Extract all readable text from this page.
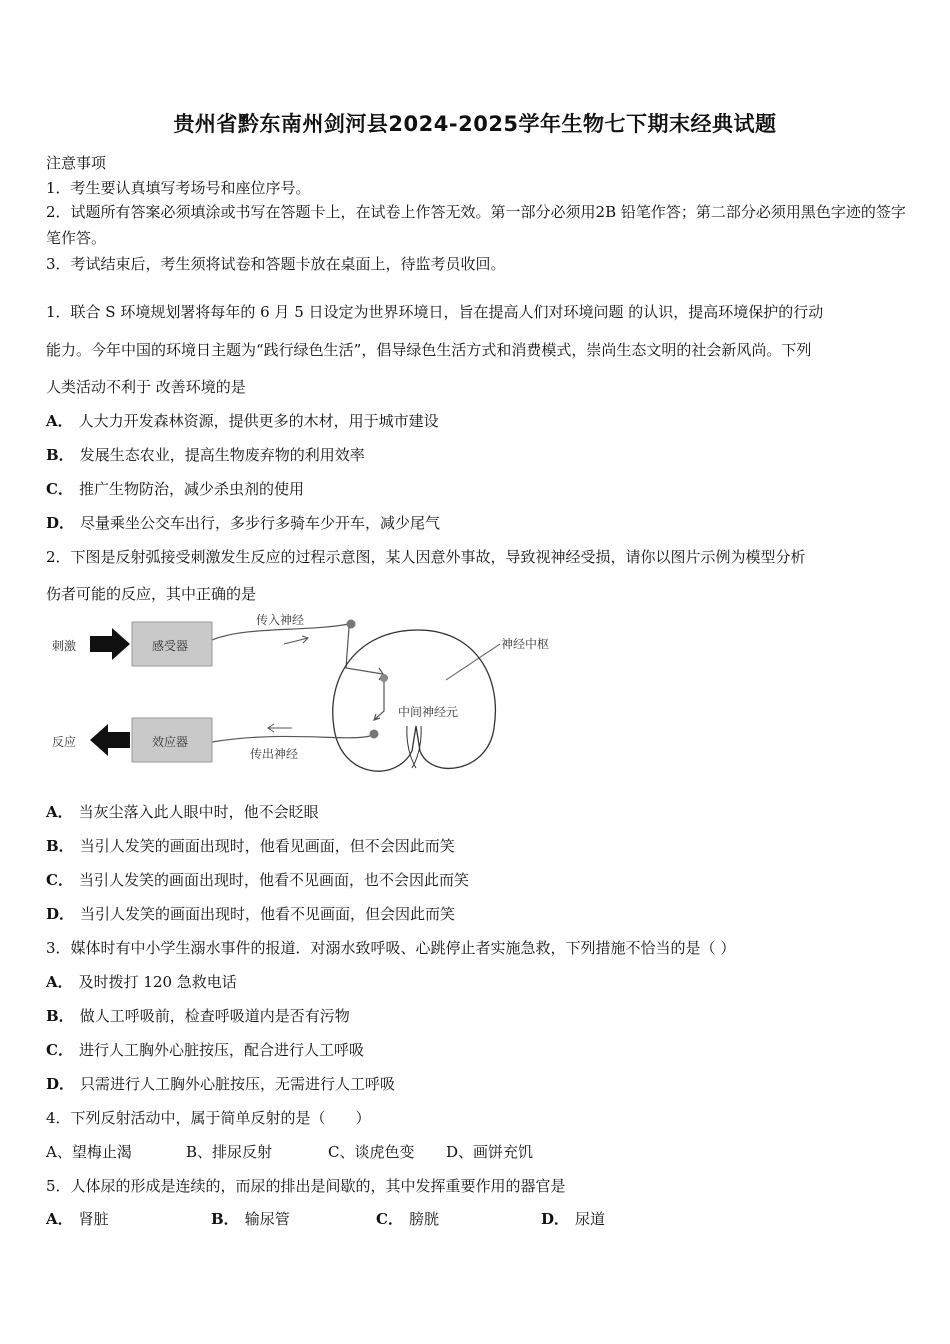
贵州省黔东南州剑河县2024-2025学年生物七下期末经典试题
注意事项
1．考生要认真填写考场号和座位序号。
2．试题所有答案必须填涂或书写在答题卡上，在试卷上作答无效。第一部分必须用2B 铅笔作答；第二部分必须用黑色字迹的签字笔作答。
3．考试结束后，考生须将试卷和答题卡放在桌面上，待监考员收回。
1．联合 S 环境规划署将每年的 6 月 5 日设定为世界环境日，旨在提高人们对环境问题 的认识，提高环境保护的行动
能力。今年中国的环境日主题为“践行绿色生活”，倡导绿色生活方式和消费模式，崇尚生态文明的社会新风尚。下列
人类活动不利于 改善环境的是
A． 人大力开发森林资源，提供更多的木材，用于城市建设
B． 发展生态农业，提高生物废弃物的利用效率
C． 推广生物防治，减少杀虫剂的使用
D． 尽量乘坐公交车出行，多步行多骑车少开车，减少尾气
2．下图是反射弧接受刺激发生反应的过程示意图，某人因意外事故，导致视神经受损，请你以图片示例为模型分析
伤者可能的反应，其中正确的是
刺激	感受器
传入神经
中间神经元
神经中枢
传出神经
效应器
反应
A． 当灰尘落入此人眼中时，他不会眨眼
B． 当引人发笑的画面出现时，他看见画面，但不会因此而笑
C． 当引人发笑的画面出现时，他看不见画面，也不会因此而笑
D． 当引人发笑的画面出现时，他看不见画面，但会因此而笑
3．媒体时有中小学生溺水事件的报道．对溺水致呼吸、心跳停止者实施急救，下列措施不恰当的是（ ）
A． 及时拨打 120 急救电话
B． 做人工呼吸前，检查呼吸道内是否有污物
C． 进行人工胸外心脏按压，配合进行人工呼吸
D． 只需进行人工胸外心脏按压，无需进行人工呼吸
4．下列反射活动中，属于简单反射的是（　　）
A、望梅止渴	B、排尿反射	C、谈虎色变 D、画饼充饥
5．人体尿的形成是连续的，而尿的排出是间歇的，其中发挥重要作用的器官是
A． 肾脏	B． 输尿管	C． 膀胱	D． 尿道
